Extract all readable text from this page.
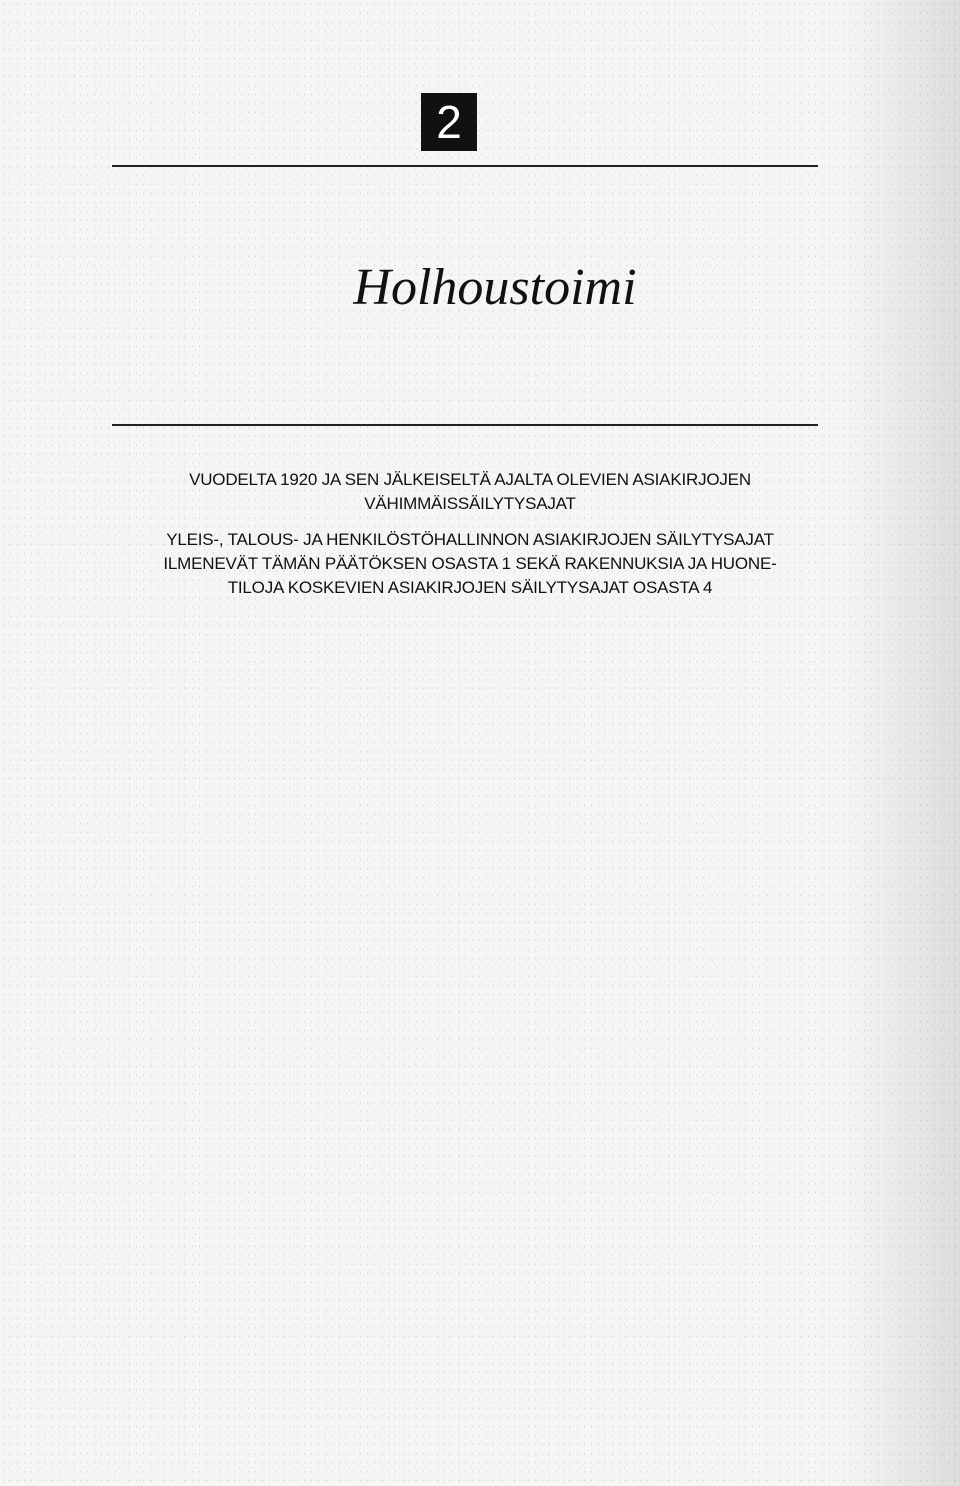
2
Holhoustoimi
VUODELTA 1920 JA SEN JÄLKEISELTÄ AJALTA OLEVIEN ASIAKIRJOJEN
VÄHIMMÄISSÄILYTYSAJAT
YLEIS-, TALOUS- JA HENKILÖSTÖHALLINNON ASIAKIRJOJEN SÄILYTYSAJAT
ILMENEVÄT TÄMÄN PÄÄTÖKSEN OSASTA 1 SEKÄ RAKENNUKSIA JA HUONE-
TILOJA KOSKEVIEN ASIAKIRJOJEN SÄILYTYSAJAT OSASTA 4
